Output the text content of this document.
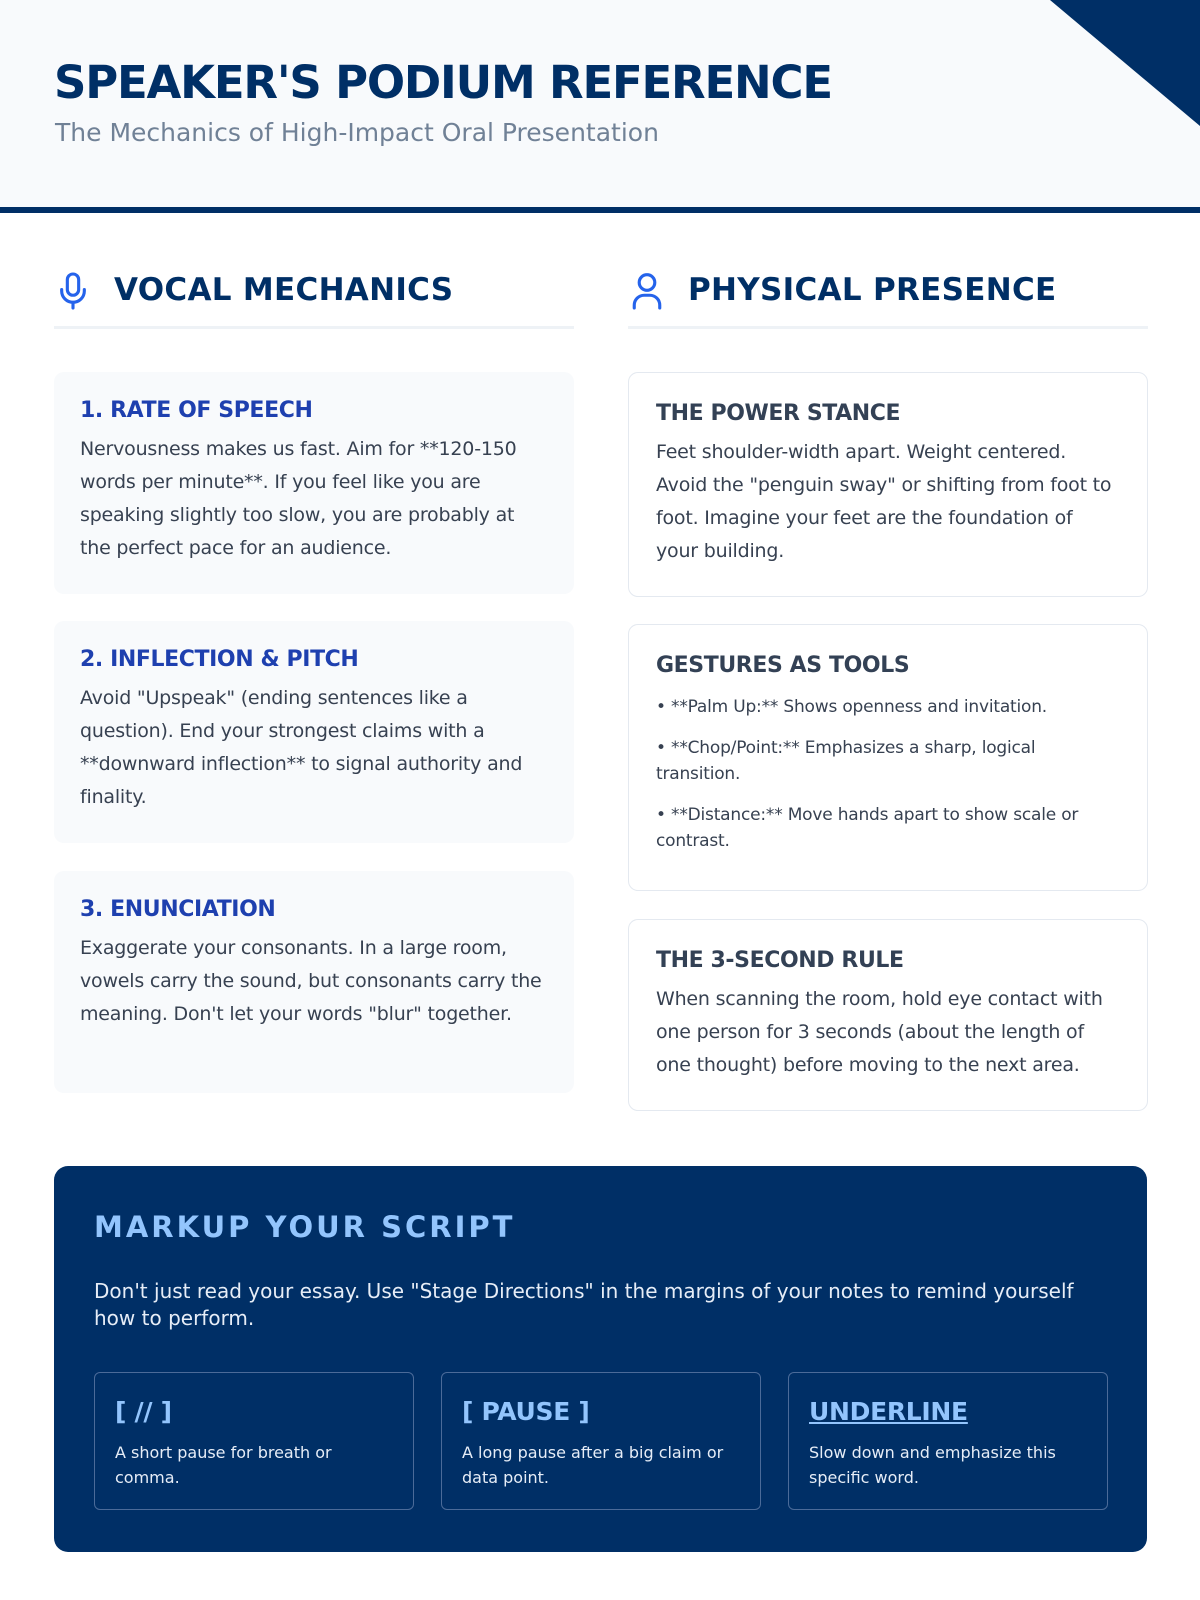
SPEAKER'S PODIUM REFERENCE
The Mechanics of High-Impact Oral Presentation
VOCAL MECHANICS
1. RATE OF SPEECH
Nervousness makes us fast. Aim for **120-150 words per minute**. If you feel like you are speaking slightly too slow, you are probably at the perfect pace for an audience.
2. INFLECTION & PITCH
Avoid "Upspeak" (ending sentences like a question). End your strongest claims with a **downward inflection** to signal authority and finality.
3. ENUNCIATION
Exaggerate your consonants. In a large room, vowels carry the sound, but consonants carry the meaning. Don't let your words "blur" together.
PHYSICAL PRESENCE
THE POWER STANCE
Feet shoulder-width apart. Weight centered. Avoid the "penguin sway" or shifting from foot to foot. Imagine your feet are the foundation of your building.
GESTURES AS TOOLS
• **Palm Up:** Shows openness and invitation.
• **Chop/Point:** Emphasizes a sharp, logical transition.
• **Distance:** Move hands apart to show scale or contrast.
THE 3-SECOND RULE
When scanning the room, hold eye contact with one person for 3 seconds (about the length of one thought) before moving to the next area.
MARKUP YOUR SCRIPT
Don't just read your essay. Use "Stage Directions" in the margins of your notes to remind yourself how to perform.
[ // ]
A short pause for breath or comma.
[ PAUSE ]
A long pause after a big claim or data point.
UNDERLINE
Slow down and emphasize this specific word.
